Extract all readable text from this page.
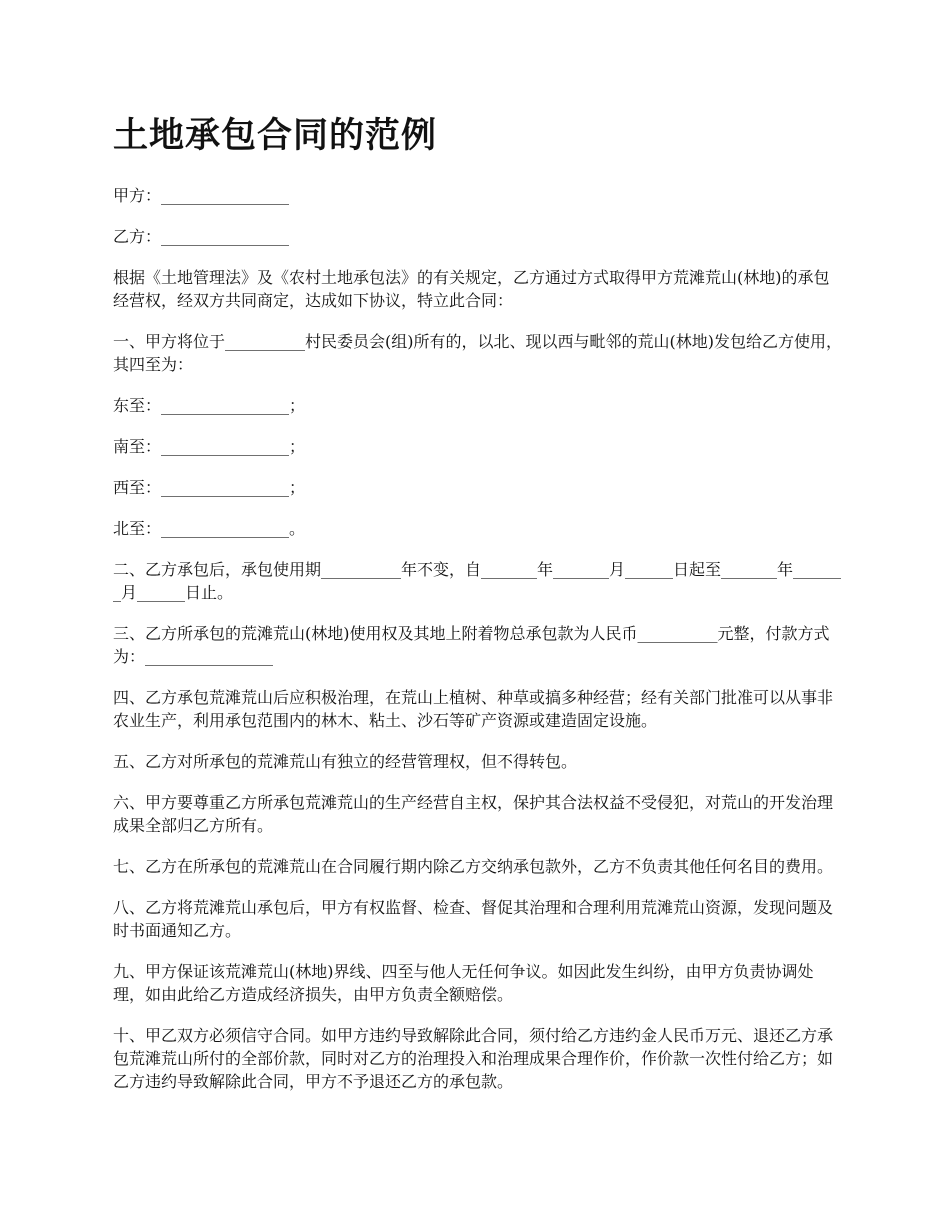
土地承包合同的范例

甲方：________________

乙方：________________

根据《土地管理法》及《农村土地承包法》的有关规定，乙方通过方式取得甲方荒滩荒山(林地)的承包经营权，经双方共同商定，达成如下协议，特立此合同：

一、甲方将位于__________村民委员会(组)所有的，以北、现以西与毗邻的荒山(林地)发包给乙方使用，其四至为：

东至：________________；

南至：________________；

西至：________________；

北至：________________。

二、乙方承包后，承包使用期__________年不变，自_______年_______月______日起至_______年_______月______日止。

三、乙方所承包的荒滩荒山(林地)使用权及其地上附着物总承包款为人民币__________元整，付款方式为：________________

四、乙方承包荒滩荒山后应积极治理，在荒山上植树、种草或搞多种经营；经有关部门批准可以从事非农业生产，利用承包范围内的林木、粘土、沙石等矿产资源或建造固定设施。

五、乙方对所承包的荒滩荒山有独立的经营管理权，但不得转包。

六、甲方要尊重乙方所承包荒滩荒山的生产经营自主权，保护其合法权益不受侵犯，对荒山的开发治理成果全部归乙方所有。

七、乙方在所承包的荒滩荒山在合同履行期内除乙方交纳承包款外，乙方不负责其他任何名目的费用。

八、乙方将荒滩荒山承包后，甲方有权监督、检查、督促其治理和合理利用荒滩荒山资源，发现问题及时书面通知乙方。

九、甲方保证该荒滩荒山(林地)界线、四至与他人无任何争议。如因此发生纠纷，由甲方负责协调处理，如由此给乙方造成经济损失，由甲方负责全额赔偿。

十、甲乙双方必须信守合同。如甲方违约导致解除此合同，须付给乙方违约金人民币万元、退还乙方承包荒滩荒山所付的全部价款，同时对乙方的治理投入和治理成果合理作价，作价款一次性付给乙方；如乙方违约导致解除此合同，甲方不予退还乙方的承包款。
